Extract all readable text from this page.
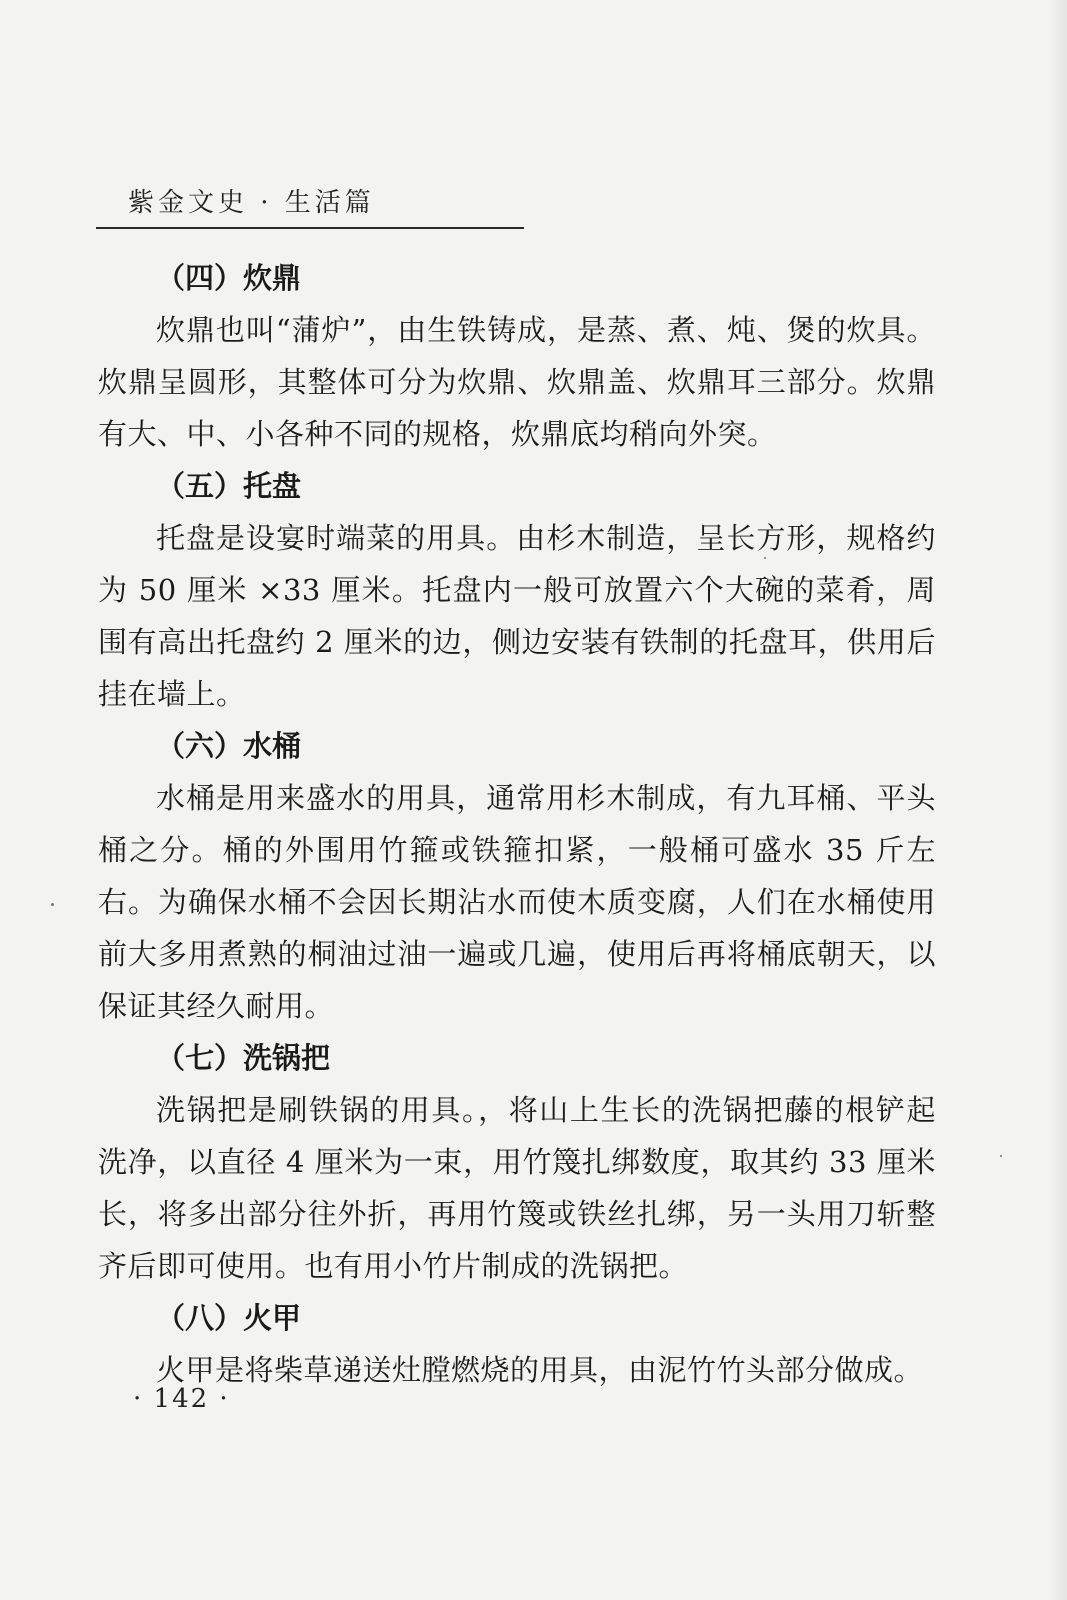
紫金文史 · 生活篇
（四）炊鼎

炊鼎也叫“蒲炉”，由生铁铸成，是蒸、煮、炖、煲的炊具。炊鼎呈圆形，其整体可分为炊鼎、炊鼎盖、炊鼎耳三部分。炊鼎有大、中、小各种不同的规格，炊鼎底均稍向外突。

（五）托盘

托盘是设宴时端菜的用具。由杉木制造，呈长方形，规格约为 50 厘米 ×33 厘米。托盘内一般可放置六个大碗的菜肴，周围有高出托盘约 2 厘米的边，侧边安装有铁制的托盘耳，供用后挂在墙上。

（六）水桶

水桶是用来盛水的用具，通常用杉木制成，有九耳桶、平头桶之分。桶的外围用竹箍或铁箍扣紧，一般桶可盛水 35 斤左右。为确保水桶不会因长期沾水而使木质变腐，人们在水桶使用前大多用煮熟的桐油过油一遍或几遍，使用后再将桶底朝天，以保证其经久耐用。

（七）洗锅把

洗锅把是刷铁锅的用具。，将山上生长的洗锅把藤的根铲起洗净，以直径 4 厘米为一束，用竹篾扎绑数度，取其约 33 厘米长，将多出部分往外折，再用竹篾或铁丝扎绑，另一头用刀斩整齐后即可使用。也有用小竹片制成的洗锅把。

（八）火甲

火甲是将柴草递送灶膛燃烧的用具，由泥竹竹头部分做成。

· 142 ·
